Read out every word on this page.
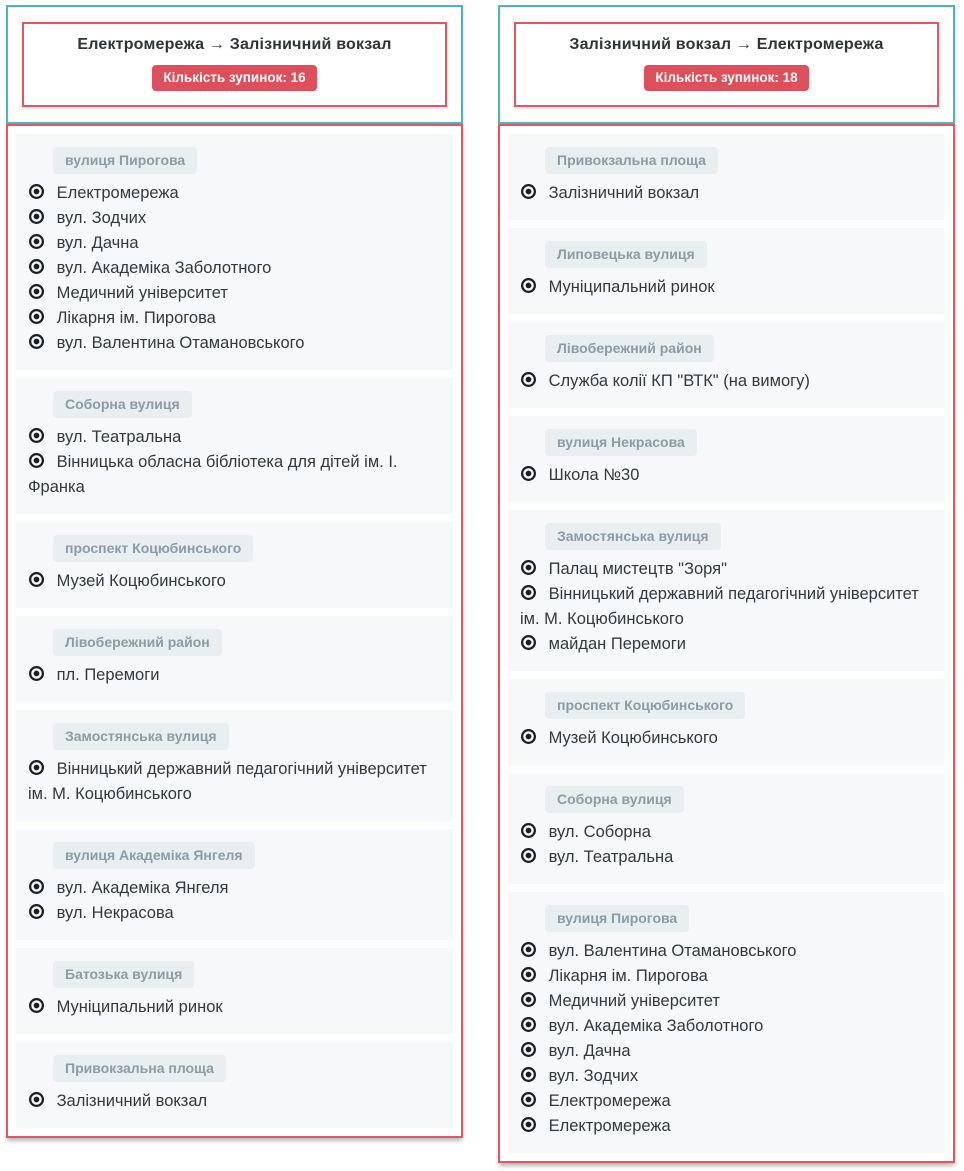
Електромережа → Залізничний вокзал
Кількість зупинок: 16
вулиця Пирогова
Електромережа
вул. Зодчих
вул. Дачна
вул. Академіка Заболотного
Медичний університет
Лікарня ім. Пирогова
вул. Валентина Отамановського
Соборна вулиця
вул. Театральна
Вінницька обласна бібліотека для дітей ім. І. Франка
проспект Коцюбинського
Музей Коцюбинського
Лівобережний район
пл. Перемоги
Замостянська вулиця
Вінницький державний педагогічний університет ім. М. Коцюбинського
вулиця Академіка Янгеля
вул. Академіка Янгеля
вул. Некрасова
Батозька вулиця
Муніципальний ринок
Привокзальна площа
Залізничний вокзал
Залізничний вокзал → Електромережа
Кількість зупинок: 18
Привокзальна площа
Залізничний вокзал
Липовецька вулиця
Муніципальний ринок
Лівобережний район
Служба колії КП "ВТК" (на вимогу)
вулиця Некрасова
Школа №30
Замостянська вулиця
Палац мистецтв "Зоря"
Вінницький державний педагогічний університет ім. М. Коцюбинського
майдан Перемоги
проспект Коцюбинського
Музей Коцюбинського
Соборна вулиця
вул. Соборна
вул. Театральна
вулиця Пирогова
вул. Валентина Отамановського
Лікарня ім. Пирогова
Медичний університет
вул. Академіка Заболотного
вул. Дачна
вул. Зодчих
Електромережа
Електромережа
